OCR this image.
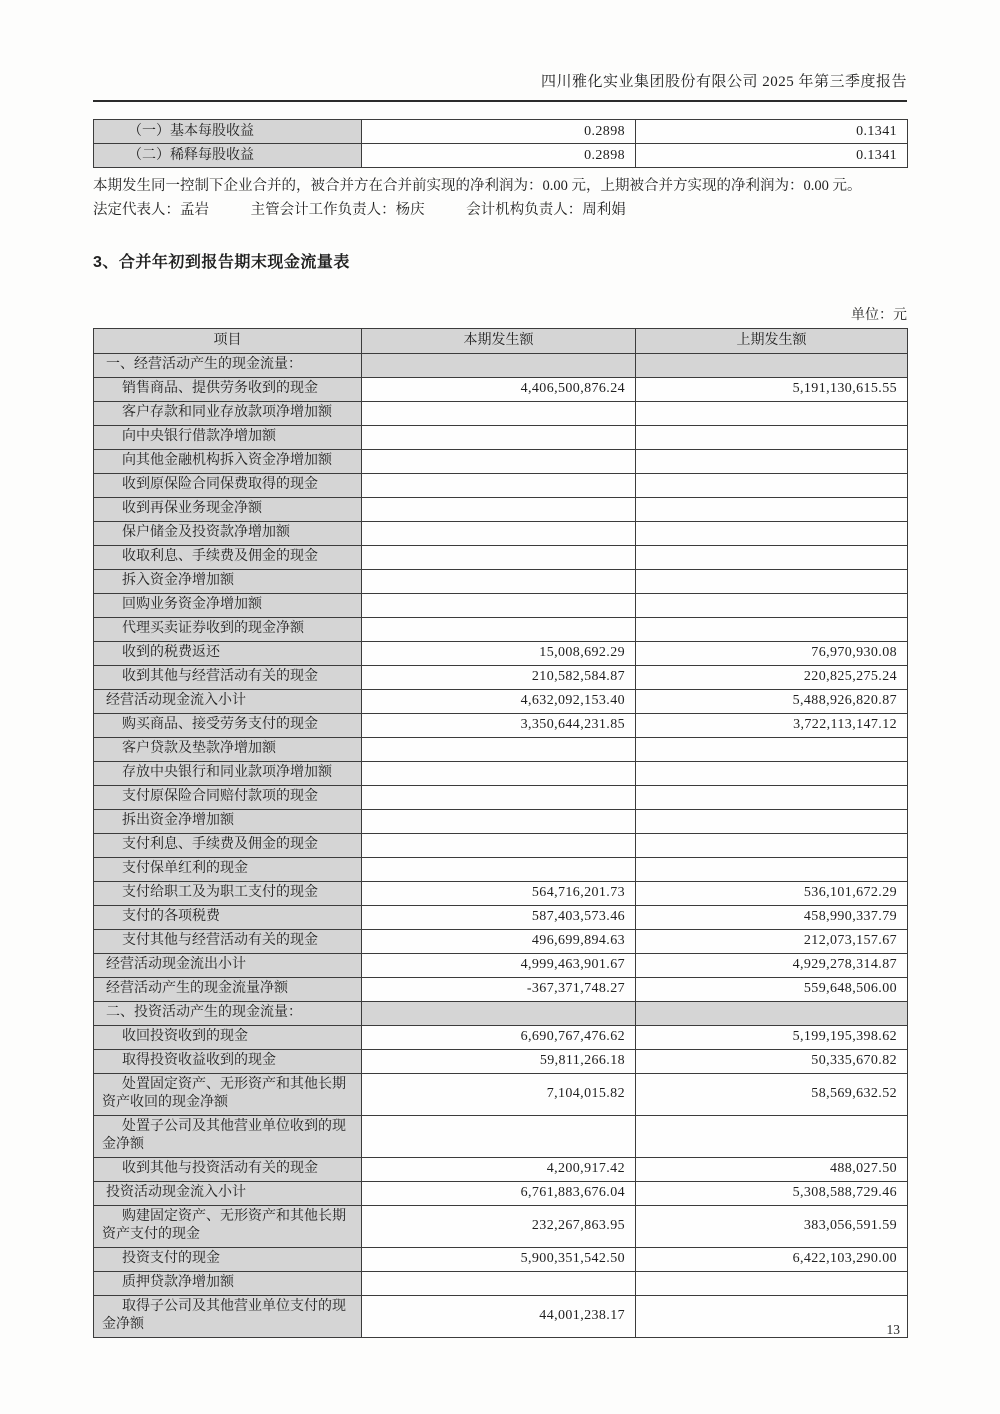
四川雅化实业集团股份有限公司 2025 年第三季度报告
（一）基本每股收益	0.2898	0.1341
（二）稀释每股收益	0.2898	0.1341

本期发生同一控制下企业合并的，被合并方在合并前实现的净利润为：0.00 元，上期被合并方实现的净利润为：0.00 元。

法定代表人：孟岩	主管会计工作负责人：杨庆	会计机构负责人：周利娟

3、合并年初到报告期末现金流量表
单位：元
项目	本期发生额	上期发生额
一、经营活动产生的现金流量：		
销售商品、提供劳务收到的现金	4,406,500,876.24	5,191,130,615.55
客户存款和同业存放款项净增加额		
向中央银行借款净增加额		
向其他金融机构拆入资金净增加额		
收到原保险合同保费取得的现金		
收到再保业务现金净额		
保户储金及投资款净增加额		
收取利息、手续费及佣金的现金		
拆入资金净增加额		
回购业务资金净增加额		
代理买卖证券收到的现金净额		
收到的税费返还	15,008,692.29	76,970,930.08
收到其他与经营活动有关的现金	210,582,584.87	220,825,275.24
经营活动现金流入小计	4,632,092,153.40	5,488,926,820.87
购买商品、接受劳务支付的现金	3,350,644,231.85	3,722,113,147.12
客户贷款及垫款净增加额		
存放中央银行和同业款项净增加额		
支付原保险合同赔付款项的现金		
拆出资金净增加额		
支付利息、手续费及佣金的现金		
支付保单红利的现金		
支付给职工及为职工支付的现金	564,716,201.73	536,101,672.29
支付的各项税费	587,403,573.46	458,990,337.79
支付其他与经营活动有关的现金	496,699,894.63	212,073,157.67
经营活动现金流出小计	4,999,463,901.67	4,929,278,314.87
经营活动产生的现金流量净额	-367,371,748.27	559,648,506.00
二、投资活动产生的现金流量：		
收回投资收到的现金	6,690,767,476.62	5,199,195,398.62
取得投资收益收到的现金	59,811,266.18	50,335,670.82
处置固定资产、无形资产和其他长期资产收回的现金净额	7,104,015.82	58,569,632.52
处置子公司及其他营业单位收到的现金净额		
收到其他与投资活动有关的现金	4,200,917.42	488,027.50
投资活动现金流入小计	6,761,883,676.04	5,308,588,729.46
购建固定资产、无形资产和其他长期资产支付的现金	232,267,863.95	383,056,591.59
投资支付的现金	5,900,351,542.50	6,422,103,290.00
质押贷款净增加额		
取得子公司及其他营业单位支付的现金净额	44,001,238.17	
13
